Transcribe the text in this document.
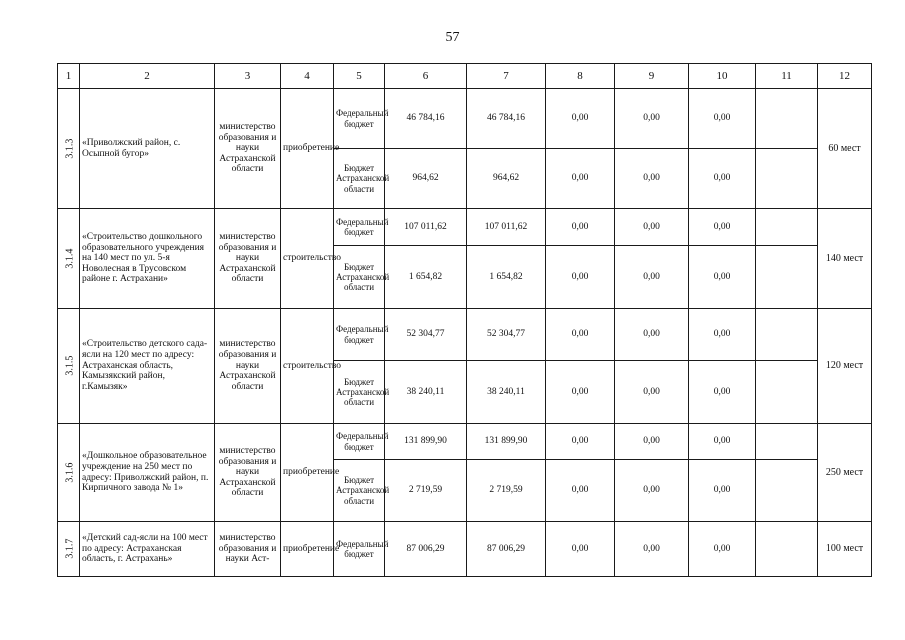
57
1	2	3	4	5	6	7	8	9	10	11	12
3.1.3	«Приволжский район, с. Осыпной бугор»	министерство образования и науки Астраханской области	приобретение	Федеральный бюджет	46 784,16	46 784,16	0,00	0,00	0,00		60 мест
				Бюджет Астраханской области	964,62	964,62	0,00	0,00	0,00		
3.1.4	«Строительство дошкольного образовательного учреждения на 140 мест по ул. 5-я Новолесная в Трусовском районе г. Астрахани»	министерство образования и науки Астраханской области	строительство	Федеральный бюджет	107 011,62	107 011,62	0,00	0,00	0,00		140 мест
				Бюджет Астраханской области	1 654,82	1 654,82	0,00	0,00	0,00		
3.1.5	«Строительство детского сада-ясли на 120 мест по адресу: Астраханская область, Камызякский район, г.Камызяк»	министерство образования и науки Астраханской области	строительство	Федеральный бюджет	52 304,77	52 304,77	0,00	0,00	0,00		120 мест
				Бюджет Астраханской области	38 240,11	38 240,11	0,00	0,00	0,00		
3.1.6	«Дошкольное образовательное учреждение на 250 мест по адресу: Приволжский район, п. Кирпичного завода № 1»	министерство образования и науки Астраханской области	приобретение	Федеральный бюджет	131 899,90	131 899,90	0,00	0,00	0,00		250 мест
				Бюджет Астраханской области	2 719,59	2 719,59	0,00	0,00	0,00		
3.1.7	«Детский сад-ясли на 100 мест по адресу: Астраханская область, г. Астрахань»	министерство образования и науки Аст-	приобретение	Федеральный бюджет	87 006,29	87 006,29	0,00	0,00	0,00		100 мест
